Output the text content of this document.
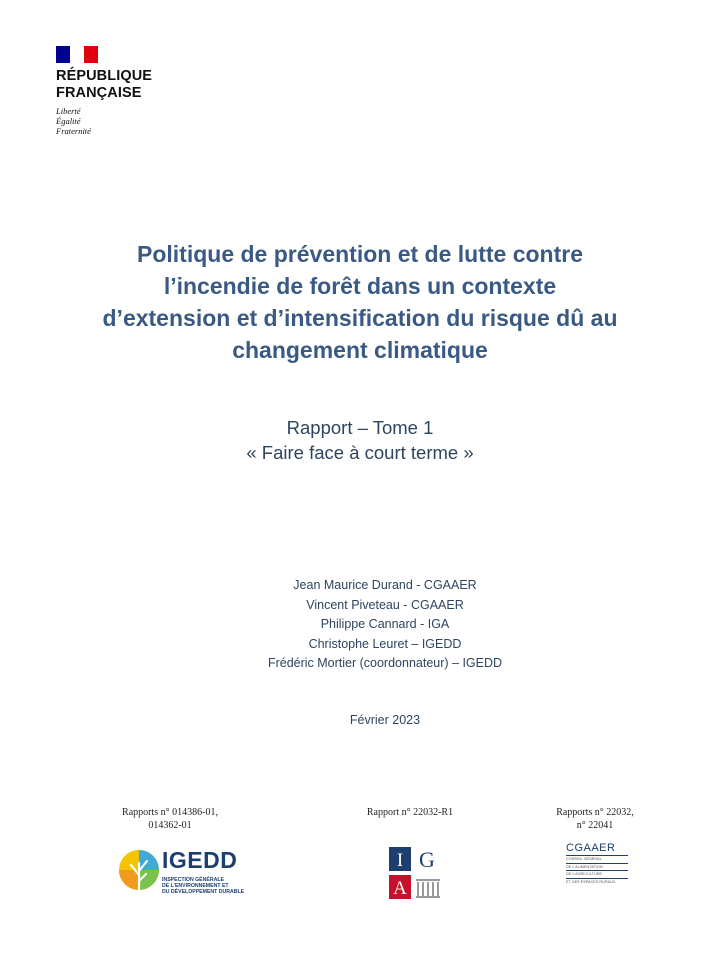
RÉPUBLIQUE
FRANÇAISE
Liberté
Égalité
Fraternité
Politique de prévention et de lutte contre
l’incendie de forêt dans un contexte
d’extension et d’intensification du risque dû au
changement climatique
Rapport – Tome 1
« Faire face à court terme »
Jean Maurice Durand - CGAAER
Vincent Piveteau - CGAAER
Philippe Cannard - IGA
Christophe Leuret – IGEDD
Frédéric Mortier (coordonnateur) – IGEDD
Février 2023
Rapports n° 014386-01,
014362-01
Rapport n° 22032-R1	Rapports n° 22032,
n° 22041
IGEDD
INSPECTION GÉNÉRALE
DE L’ENVIRONNEMENT ET
DU DÉVELOPPEMENT DURABLE
I G
A
CGAAER
CONSEIL GÉNÉRAL
DE L’ALIMENTATION
DE L’AGRICULTURE
ET DES ESPACES RURAUX
